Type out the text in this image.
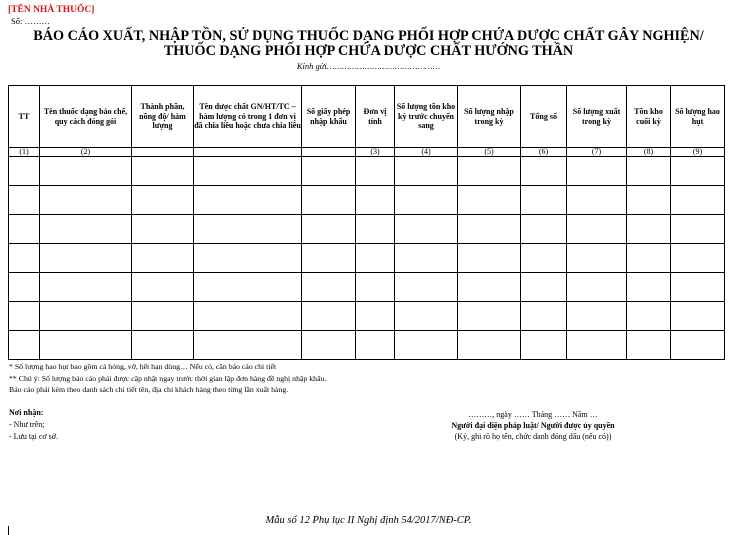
[TÊN NHÀ THUỐC]
Số: ………
BÁO CÁO XUẤT, NHẬP TỒN, SỬ DỤNG THUỐC DẠNG PHỐI HỢP CHỨA DƯỢC CHẤT GÂY NGHIỆN/
THUỐC DẠNG PHỐI HỢP CHỨA DƯỢC CHẤT HƯỚNG THẦN
Kính gửi………………………………………
TT	Tên thuốc dạng bào chế, quy cách đóng gói	Thành phần, nồng độ/ hàm lượng	Tên dược chất GN/HT/TC – hàm lượng có trong 1 đơn vị đã chia liều hoặc chưa chia liều	Số giấy phép nhập khẩu	Đơn vị tính	Số lượng tồn kho kỳ trước chuyển sang	Số lượng nhập trong kỳ	Tổng số	Số lượng xuất trong kỳ	Tồn kho cuối kỳ	Số lượng hao hụt
(1)	(2)				(3)	(4)	(5)	(6)	(7)	(8)	(9)

* Số lượng hao hụt bao gồm cả hỏng, vỡ, hết hạn dùng… Nếu có, cần báo cáo chi tiết
** Chú ý: Số lượng báo cáo phải được cập nhật ngay trước thời gian lập đơn hàng đề nghị nhập khẩu.
Báo cáo phải kèm theo danh sách chi tiết tên, địa chỉ khách hàng theo từng lần xuất hàng.
Nơi nhận:
- Như trên;
- Lưu tại cơ sở.
………, ngày …… Tháng …… Năm …
Người đại diện pháp luật/ Người được ủy quyền
(Ký, ghi rõ họ tên, chức danh đóng dấu (nếu có))
Mẫu số 12 Phụ lục II Nghị định 54/2017/NĐ-CP.
